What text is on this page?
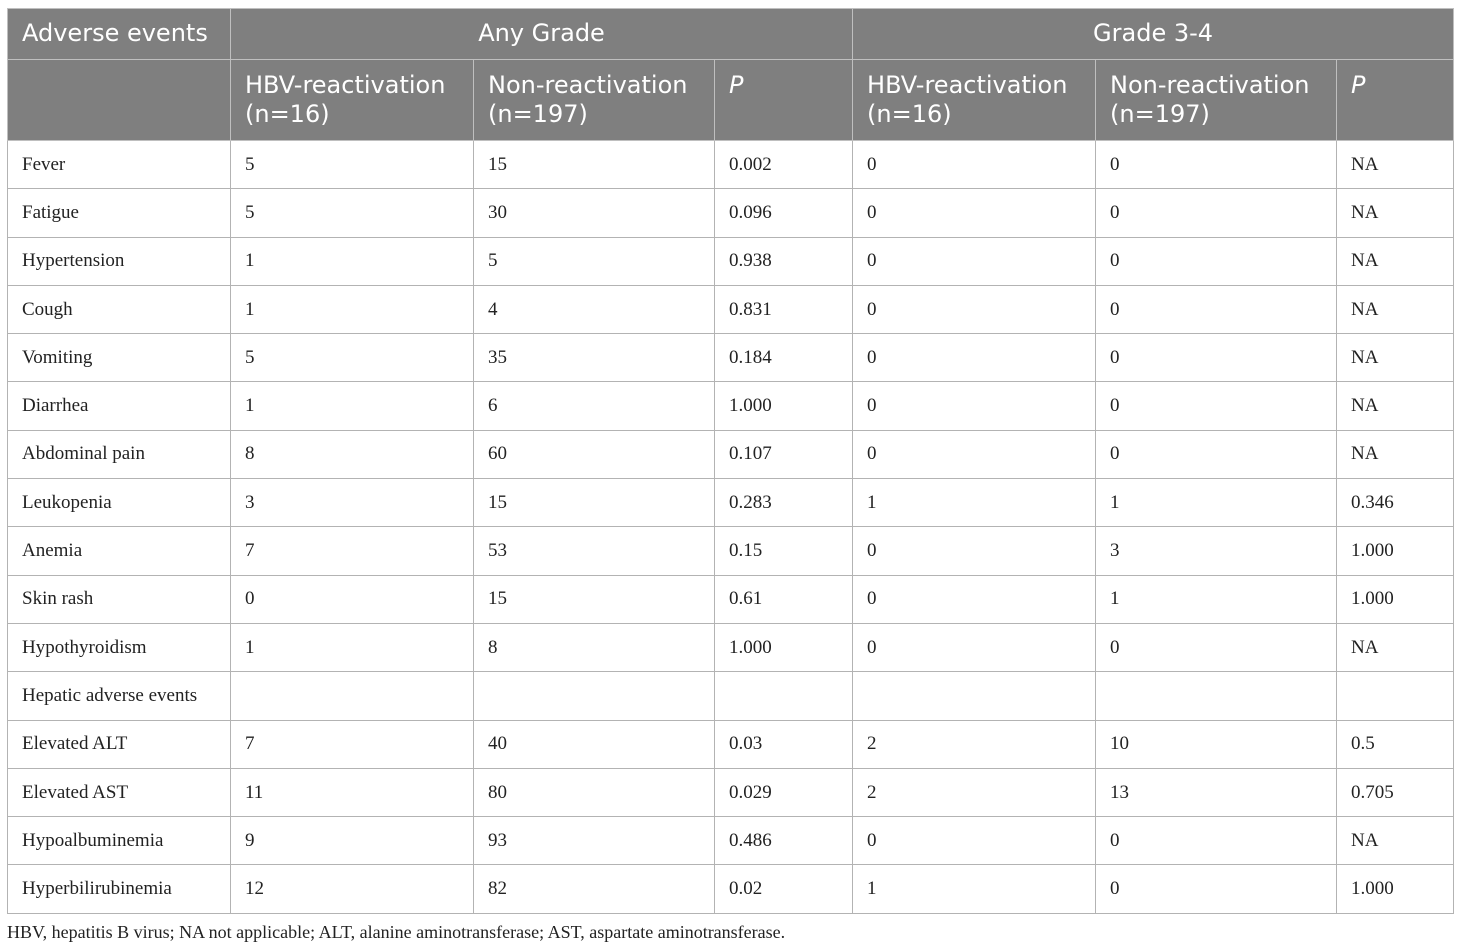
Adverse events	Any Grade			Grade 3-4		
	HBV-reactivation (n=16)	Non-reactivation (n=197)	P	HBV-reactivation (n=16)	Non-reactivation (n=197)	P
Fever	5	15	0.002	0	0	NA
Fatigue	5	30	0.096	0	0	NA
Hypertension	1	5	0.938	0	0	NA
Cough	1	4	0.831	0	0	NA
Vomiting	5	35	0.184	0	0	NA
Diarrhea	1	6	1.000	0	0	NA
Abdominal pain	8	60	0.107	0	0	NA
Leukopenia	3	15	0.283	1	1	0.346
Anemia	7	53	0.15	0	3	1.000
Skin rash	0	15	0.61	0	1	1.000
Hypothyroidism	1	8	1.000	0	0	NA
Hepatic adverse events						
Elevated ALT	7	40	0.03	2	10	0.5
Elevated AST	11	80	0.029	2	13	0.705
Hypoalbuminemia	9	93	0.486	0	0	NA
Hyperbilirubinemia	12	82	0.02	1	0	1.000
HBV, hepatitis B virus; NA not applicable; ALT, alanine aminotransferase; AST, aspartate aminotransferase.
